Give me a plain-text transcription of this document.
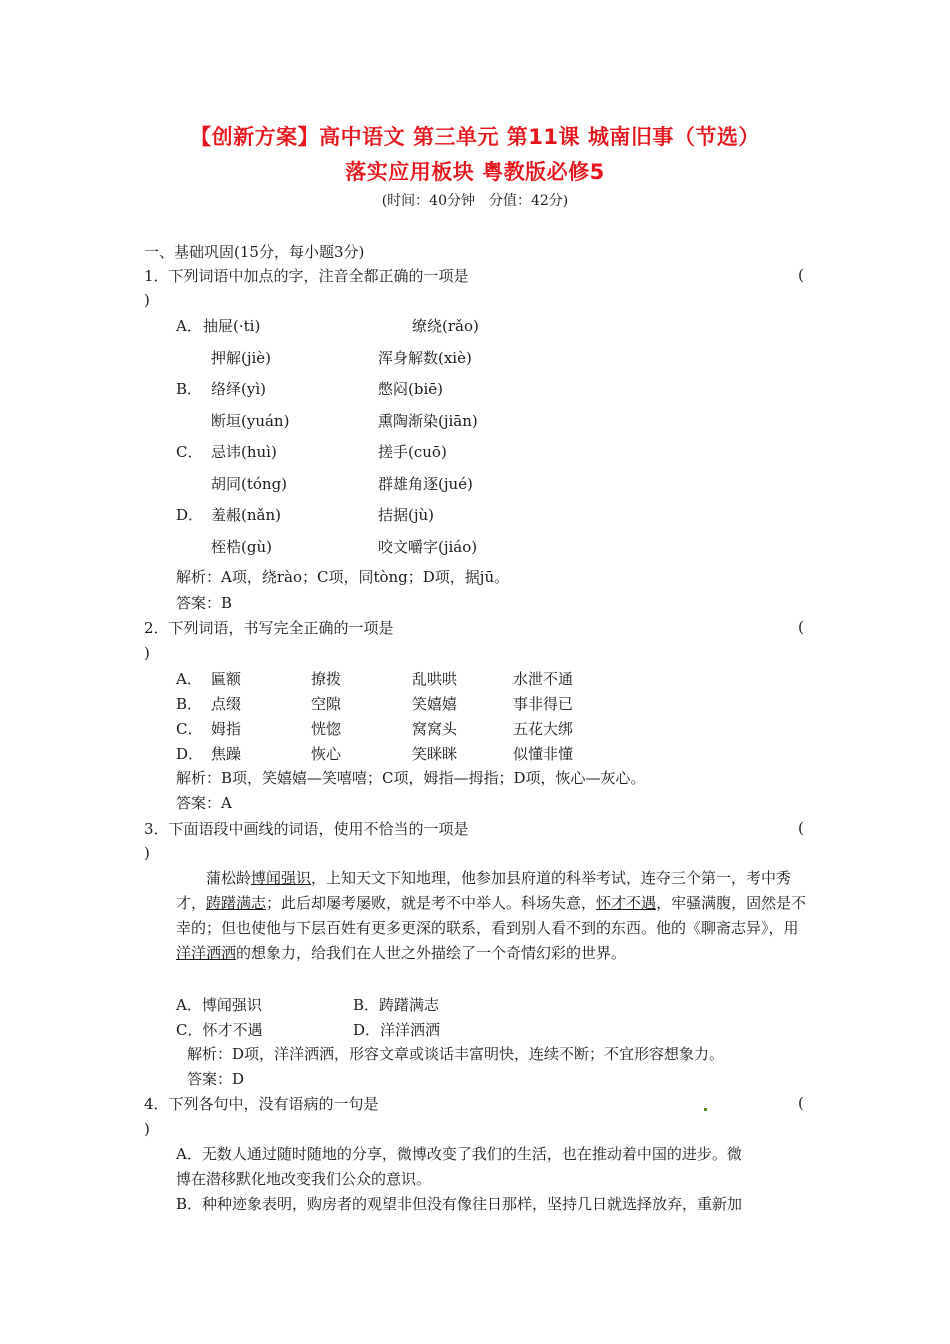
【创新方案】高中语文 第三单元 第11课 城南旧事（节选）
落实应用板块 粤教版必修5
(时间：40分钟　分值：42分)
一、基础巩固(15分，每小题3分)
1．下列词语中加点的字，注音全都正确的一项是	(
)
A． 抽屉(·ti)	缭绕(rǎo)
押解(jiè)	浑身解数(xiè)
B． 络绎(yì)	憋闷(biē)
断垣(yuán)	熏陶渐染(jiān)
C． 忌讳(huì)	搓手(cuō)
胡同(tóng)	群雄角逐(jué)
D． 羞赧(nǎn)	拮据(jù)
桎梏(gù)	咬文嚼字(jiáo)
解析：A项，绕rào；C项，同tòng；D项，据jū。
答案：B
2．下列词语，书写完全正确的一项是	(
)
A． 匾额	撩拨	乱哄哄	水泄不通
B． 点缀	空隙	笑嬉嬉	事非得已
C． 姆指	恍惚	窝窝头	五花大绑
D． 焦躁	恢心	笑眯眯	似懂非懂
解析：B项，笑嬉嬉—笑嘻嘻；C项，姆指—拇指；D项，恢心—灰心。
答案：A
3．下面语段中画线的词语，使用不恰当的一项是	(
)
蒲松龄博闻强识，上知天文下知地理，他参加县府道的科举考试，连夺三个第一，考中秀才，踌躇满志；此后却屡考屡败，就是考不中举人。科场失意，怀才不遇，牢骚满腹，固然是不幸的；但也使他与下层百姓有更多更深的联系，看到别人看不到的东西。他的《聊斋志异》，用洋洋洒洒的想象力，给我们在人世之外描绘了一个奇情幻彩的世界。
A．博闻强识	B．踌躇满志
C．怀才不遇	D．洋洋洒洒
解析：D项，洋洋洒洒，形容文章或谈话丰富明快，连续不断；不宜形容想象力。
答案：D
4．下列各句中，没有语病的一句是	(
)
A．无数人通过随时随地的分享，微博改变了我们的生活，也在推动着中国的进步。微
博在潜移默化地改变我们公众的意识。
B．种种迹象表明，购房者的观望非但没有像往日那样，坚持几日就选择放弃，重新加
